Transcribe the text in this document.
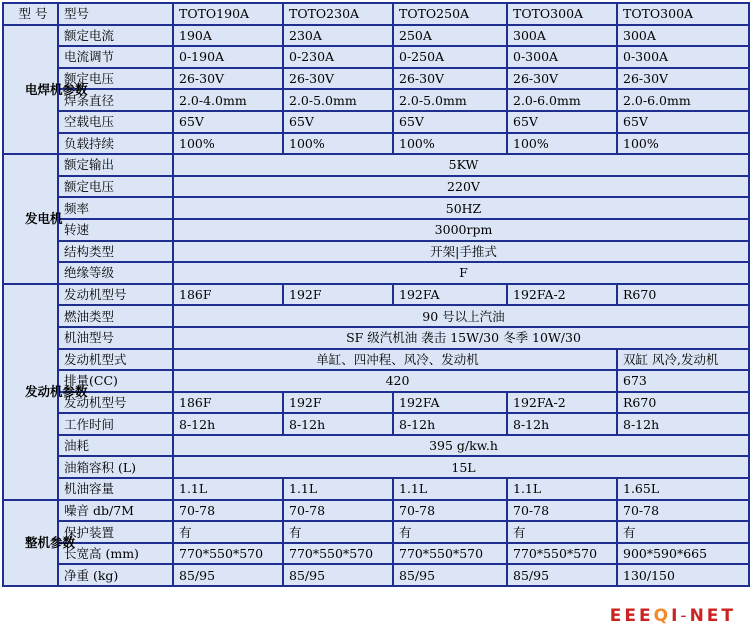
型 号	型号	TOTO190A	TOTO230A	TOTO250A	TOTO300A	TOTO300A
电焊机参数	额定电流	190A	230A	250A	300A	300A
	电流调节	0-190A	0-230A	0-250A	0-300A	0-300A
	额定电压	26-30V	26-30V	26-30V	26-30V	26-30V
	焊条直径	2.0-4.0mm	2.0-5.0mm	2.0-5.0mm	2.0-6.0mm	2.0-6.0mm
	空载电压	65V	65V	65V	65V	65V
	负载持续	100%	100%	100%	100%	100%
发电机	额定输出	5KW				
	额定电压	220V				
	频率	50HZ				
	转速	3000rpm				
	结构类型	开架|手推式				
	绝缘等级	F				
发动机参数	发动机型号	186F	192F	192FA	192FA-2	R670
	燃油类型	90 号以上汽油				
	机油型号	SF 级汽机油 袭击 15W/30 冬季 10W/30				
	发动机型式	单缸、四冲程、风冷、发动机				双缸 风冷,发动机
	排量(CC)	420				673
	发动机型号	186F	192F	192FA	192FA-2	R670
	工作时间	8-12h	8-12h	8-12h	8-12h	8-12h
	油耗	395 g/kw.h				
	油箱容积 (L)	15L				
	机油容量	1.1L	1.1L	1.1L	1.1L	1.65L
整机参数	噪音 db/7M	70-78	70-78	70-78	70-78	70-78
	保护装置	有	有	有	有	有
	长宽高 (mm)	770*550*570	770*550*570	770*550*570	770*550*570	900*590*665
	净重 (kg)	85/95	85/95	85/95	85/95	130/150
EEEQI-NET
